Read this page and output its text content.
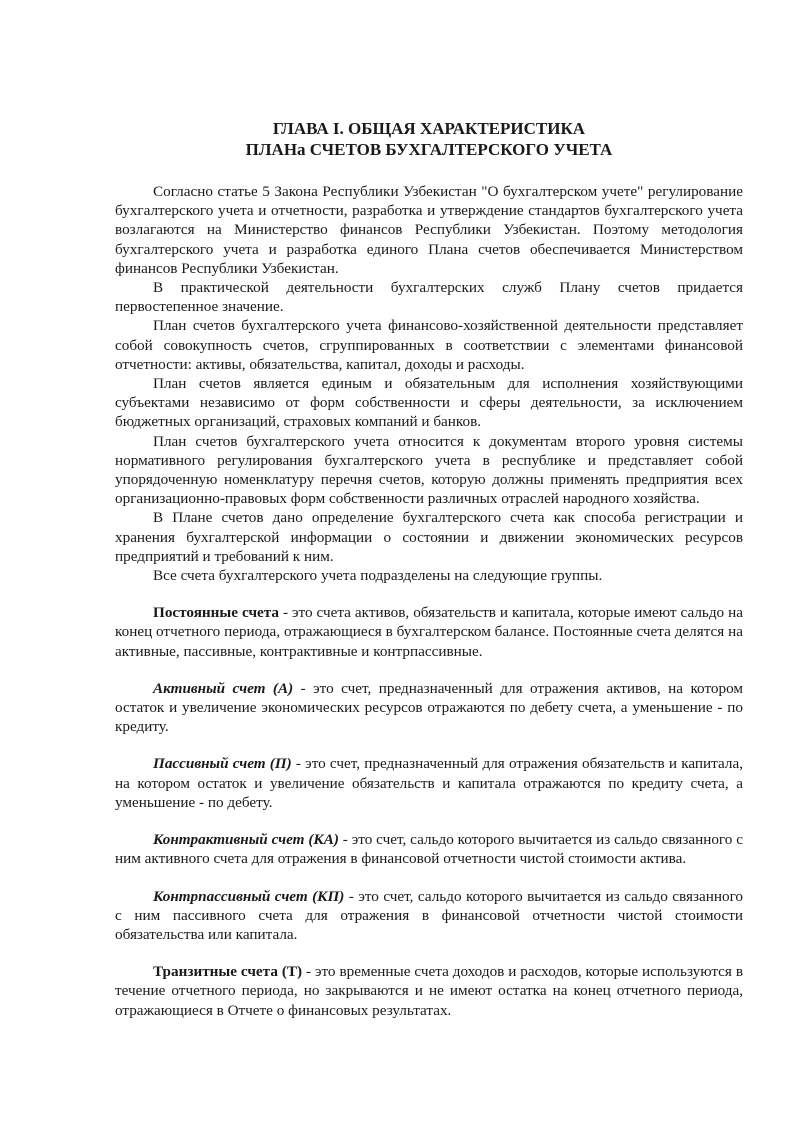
ГЛАВА I. ОБЩАЯ ХАРАКТЕРИСТИКА
ПЛАНа СЧЕТОВ БУХГАЛТЕРСКОГО УЧЕТА

Согласно статье 5 Закона Республики Узбекистан "О бухгалтерском учете" регулирование бухгалтерского учета и отчетности, разработка и утверждение стандартов бухгалтерского учета возлагаются на Министерство финансов Республики Узбекистан. Поэтому методология бухгалтерского учета и разработка единого Плана счетов обеспечивается Министерством финансов Республики Узбекистан.

В практической деятельности бухгалтерских служб Плану счетов придается первостепенное значение.

План счетов бухгалтерского учета финансово-хозяйственной деятельности представляет собой совокупность счетов, сгруппированных в соответствии с элементами финансовой отчетности: активы, обязательства, капитал, доходы и расходы.

План счетов является единым и обязательным для исполнения хозяйствующими субъектами независимо от форм собственности и сферы деятельности, за исключением бюджетных организаций, страховых компаний и банков.

План счетов бухгалтерского учета относится к документам второго уровня системы нормативного регулирования бухгалтерского учета в республике и представляет собой упорядоченную номенклатуру перечня счетов, которую должны применять предприятия всех организационно-правовых форм собственности различных отраслей народного хозяйства.

В Плане счетов дано определение бухгалтерского счета как способа регистрации и хранения бухгалтерской информации о состоянии и движении экономических ресурсов предприятий и требований к ним.

Все счета бухгалтерского учета подразделены на следующие группы.

Постоянные счета - это счета активов, обязательств и капитала, которые имеют сальдо на конец отчетного периода, отражающиеся в бухгалтерском балансе. Постоянные счета делятся на активные, пассивные, контрактивные и контрпассивные.

Активный счет (А) - это счет, предназначенный для отражения активов, на котором остаток и увеличение экономических ресурсов отражаются по дебету счета, а уменьшение - по кредиту.

Пассивный счет (П) - это счет, предназначенный для отражения обязательств и капитала, на котором остаток и увеличение обязательств и капитала отражаются по кредиту счета, а уменьшение - по дебету.

Контрактивный счет (КА) - это счет, сальдо которого вычитается из сальдо связанного с ним активного счета для отражения в финансовой отчетности чистой стоимости актива.

Контрпассивный счет (КП) - это счет, сальдо которого вычитается из сальдо связанного с ним пассивного счета для отражения в финансовой отчетности чистой стоимости обязательства или капитала.

Транзитные счета (Т) - это временные счета доходов и расходов, которые используются в течение отчетного периода, но закрываются и не имеют остатка на конец отчетного периода, отражающиеся в Отчете о финансовых результатах.
